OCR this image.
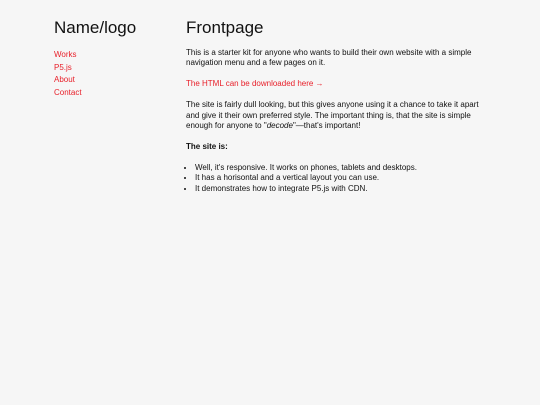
Name/logo
Works
P5.js
About
Contact
Frontpage

This is a starter kit for anyone who wants to build their own website with a simple navigation menu and a few pages on it.

The HTML can be downloaded here →

The site is fairly dull looking, but this gives anyone using it a chance to take it apart and give it their own preferred style. The important thing is, that the site is simple enough for anyone to "decode"—that's important!

The site is:

• Well, it's responsive. It works on phones, tablets and desktops.
• It has a horisontal and a vertical layout you can use.
• It demonstrates how to integrate P5.js with CDN.
